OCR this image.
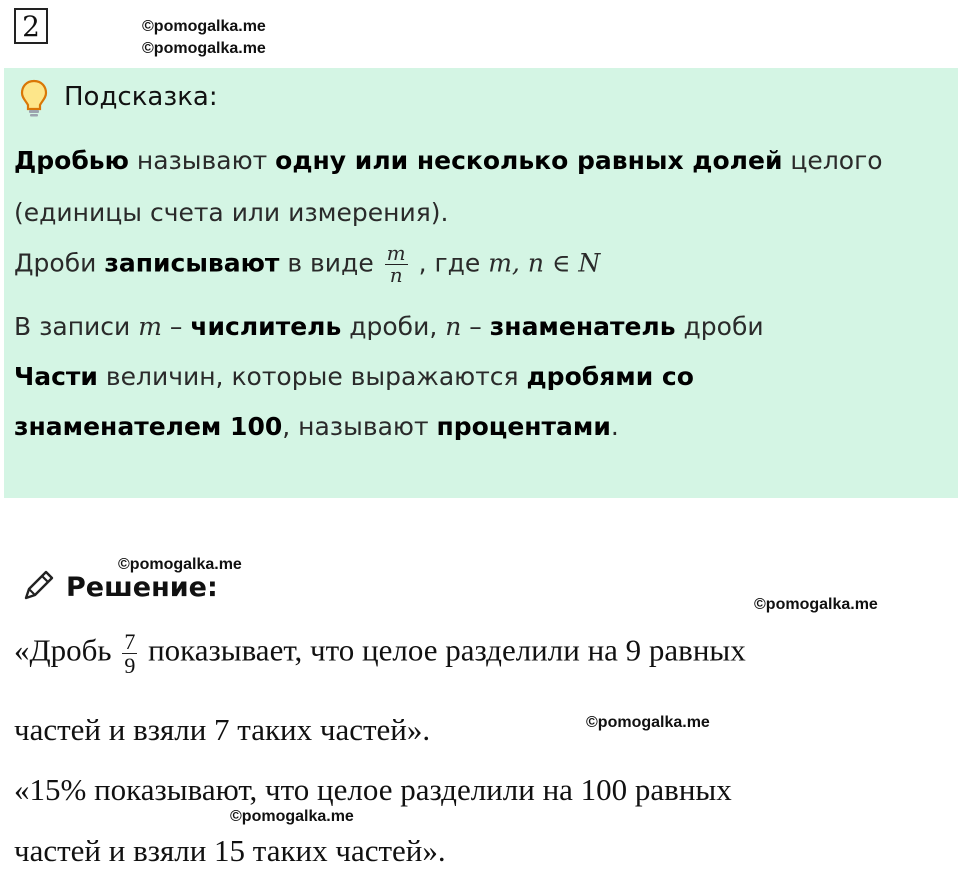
2	©pomogalka.me
©pomogalka.me
Подсказка:
Дробью называют одну или несколько равных долей целого
(единицы счета или измерения).
Дроби записывают в виде $\frac{m}{n}$ , где m, n ∈ N
В записи m – числитель дроби, n – знаменатель дроби
Части величин, которые выражаются дробями со
знаменателем 100, называют процентами.
©pomogalka.me
Решение:
©pomogalka.me
«Дробь $\frac{7}{9}$ показывает, что целое разделили на 9 равных
частей и взяли 7 таких частей».	©pomogalka.me
«15% показывают, что целое разделили на 100 равных
©pomogalka.me
частей и взяли 15 таких частей».
